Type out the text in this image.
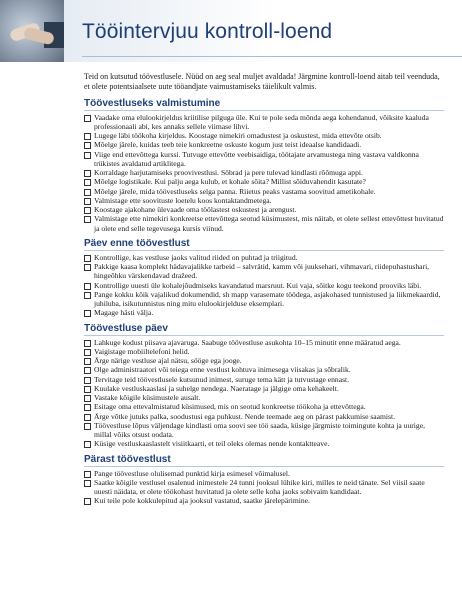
Tööintervjuu kontroll-loend

Teid on kutsutud töövestlusele. Nüüd on aeg seal muljet avaldada! Järgmine kontroll-loend aitab teil veenduda, et olete potentsiaalsete uute tööandjate vaimustamiseks täielikult valmis.

Töövestluseks valmistumine
Vaadake oma elulookirjeldus kriitilise pilguga üle. Kui te pole seda mõnda aega kohendanud, võiksite kaaluda professionaali abi, kes annaks sellele viimase lihvi.
Lugege läbi töökoha kirjeldus. Koostage nimekiri omadustest ja oskustest, mida ettevõte otsib.
Mõelge järele, kuidas teeb teie konkreetne oskuste kogum just teist ideaalse kandidaadi.
Viige end ettevõttega kurssi. Tutvuge ettevõtte veebisaidiga, töötajate arvamustega ning vastava valdkonna trükistes avaldatud artiklitega.
Korraldage harjutamiseks proovivestlusi. Sõbrad ja pere tulevad kindlasti rõõmuga appi.
Mõelge logistikale. Kui palju aega kulub, et kohale sõita? Millist sõiduvahendit kasutate?
Mõelge järele, mida töövestluseks selga panna. Riietus peaks vastama soovitud ametikohale.
Valmistage ette soovituste loetelu koos kontaktandmetega.
Koostage ajakohane ülevaade oma töölastest oskustest ja arengust.
Valmistage ette nimekiri konkreetse ettevõttega seotud küsimustest, mis näitab, et olete sellest ettevõttest huvitatud ja olete end selle tegevusega kursis viinud.
Päev enne töövestlust
Kontrollige, kas vestluse jaoks valitud riided on puhtad ja triigitud.
Pakkige kaasa komplekt hädavajalikke tarbeid – salvrätid, kamm või juuksehari, vihmavari, riidepuhastushari, hingeõhku värskendavad dražeed.
Kontrollige uuesti üle kohalejõudmiseks kavandatud marsruut. Kui vaja, sõitke kogu teekond prooviks läbi.
Pange kokku kõik vajalikud dokumendid, sh mapp varasemate töödega, asjakohased tunnistused ja liikmekaardid, juhiluba, isikutunnistus ning mitu elulookirjelduse eksemplari.
Magage hästi välja.
Töövestluse päev
Lahkuge kodust piisava ajavaruga. Saabuge töövestluse asukohta 10–15 minutit enne määratud aega.
Vaigistage mobiiltelefoni helid.
Ärge närige vestluse ajal nätsu, sööge ega jooge.
Olge administraatori või teiega enne vestlust kohtuva inimesega viisakas ja sõbralik.
Tervitage teid töövestlusele kutsunud inimest, suruge tema kätt ja tutvustage ennast.
Kuulake vestluskaaslasi ja suhelge nendega. Naeratage ja jälgige oma kehakeelt.
Vastake kõigile küsimustele ausalt.
Esitage oma ettevalmistatud küsimused, mis on seotud konkreetse töökoha ja ettevõttega.
Ärge võtke jutuks palka, soodustusi ega puhkust. Nende teemade aeg on pärast pakkumise saamist.
Töövestluse lõpus väljendage kindlasti oma soovi see töö saada, küsige järgmiste toimingute kohta ja uurige, millal võiks otsust oodata.
Küsige vestluskaaslastelt visiitkaarti, et teil oleks olemas nende kontaktteave.
Pärast töövestlust
Pange töövestluse olulisemad punktid kirja esimesel võimalusel.
Saatke kõigile vestlusel osalenud inimestele 24 tunni jooksul lühike kiri, milles te neid tänate. Sel viisil saate uuesti näidata, et olete töökohast huvitatud ja olete selle koha jaoks sobivaim kandidaat.
Kui teile pole kokkulepitud aja jooksul vastatud, saatke järelepärimine.
